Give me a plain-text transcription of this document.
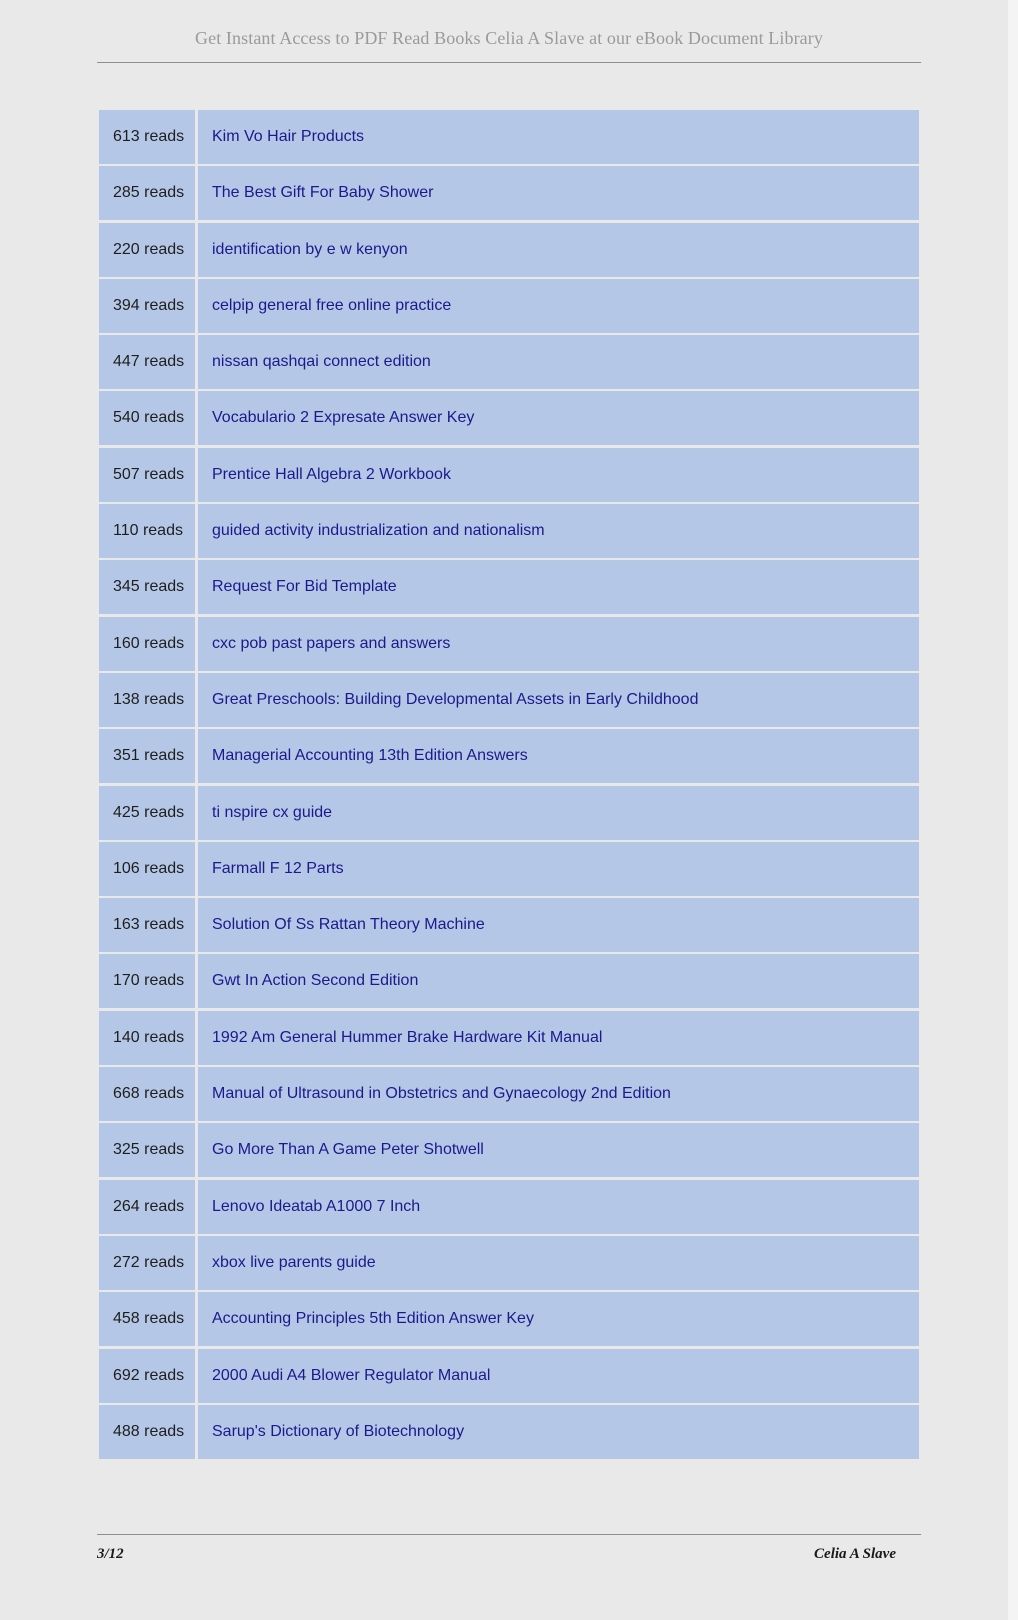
Get Instant Access to PDF Read Books Celia A Slave at our eBook Document Library
613 reads	Kim Vo Hair Products
285 reads	The Best Gift For Baby Shower
220 reads	identification by e w kenyon
394 reads	celpip general free online practice
447 reads	nissan qashqai connect edition
540 reads	Vocabulario 2 Expresate Answer Key
507 reads	Prentice Hall Algebra 2 Workbook
110 reads	guided activity industrialization and nationalism
345 reads	Request For Bid Template
160 reads	cxc pob past papers and answers
138 reads	Great Preschools: Building Developmental Assets in Early Childhood
351 reads	Managerial Accounting 13th Edition Answers
425 reads	ti nspire cx guide
106 reads	Farmall F 12 Parts
163 reads	Solution Of Ss Rattan Theory Machine
170 reads	Gwt In Action Second Edition
140 reads	1992 Am General Hummer Brake Hardware Kit Manual
668 reads	Manual of Ultrasound in Obstetrics and Gynaecology 2nd Edition
325 reads	Go More Than A Game Peter Shotwell
264 reads	Lenovo Ideatab A1000 7 Inch
272 reads	xbox live parents guide
458 reads	Accounting Principles 5th Edition Answer Key
692 reads	2000 Audi A4 Blower Regulator Manual
488 reads	Sarup's Dictionary of Biotechnology
3/12	Celia A Slave
